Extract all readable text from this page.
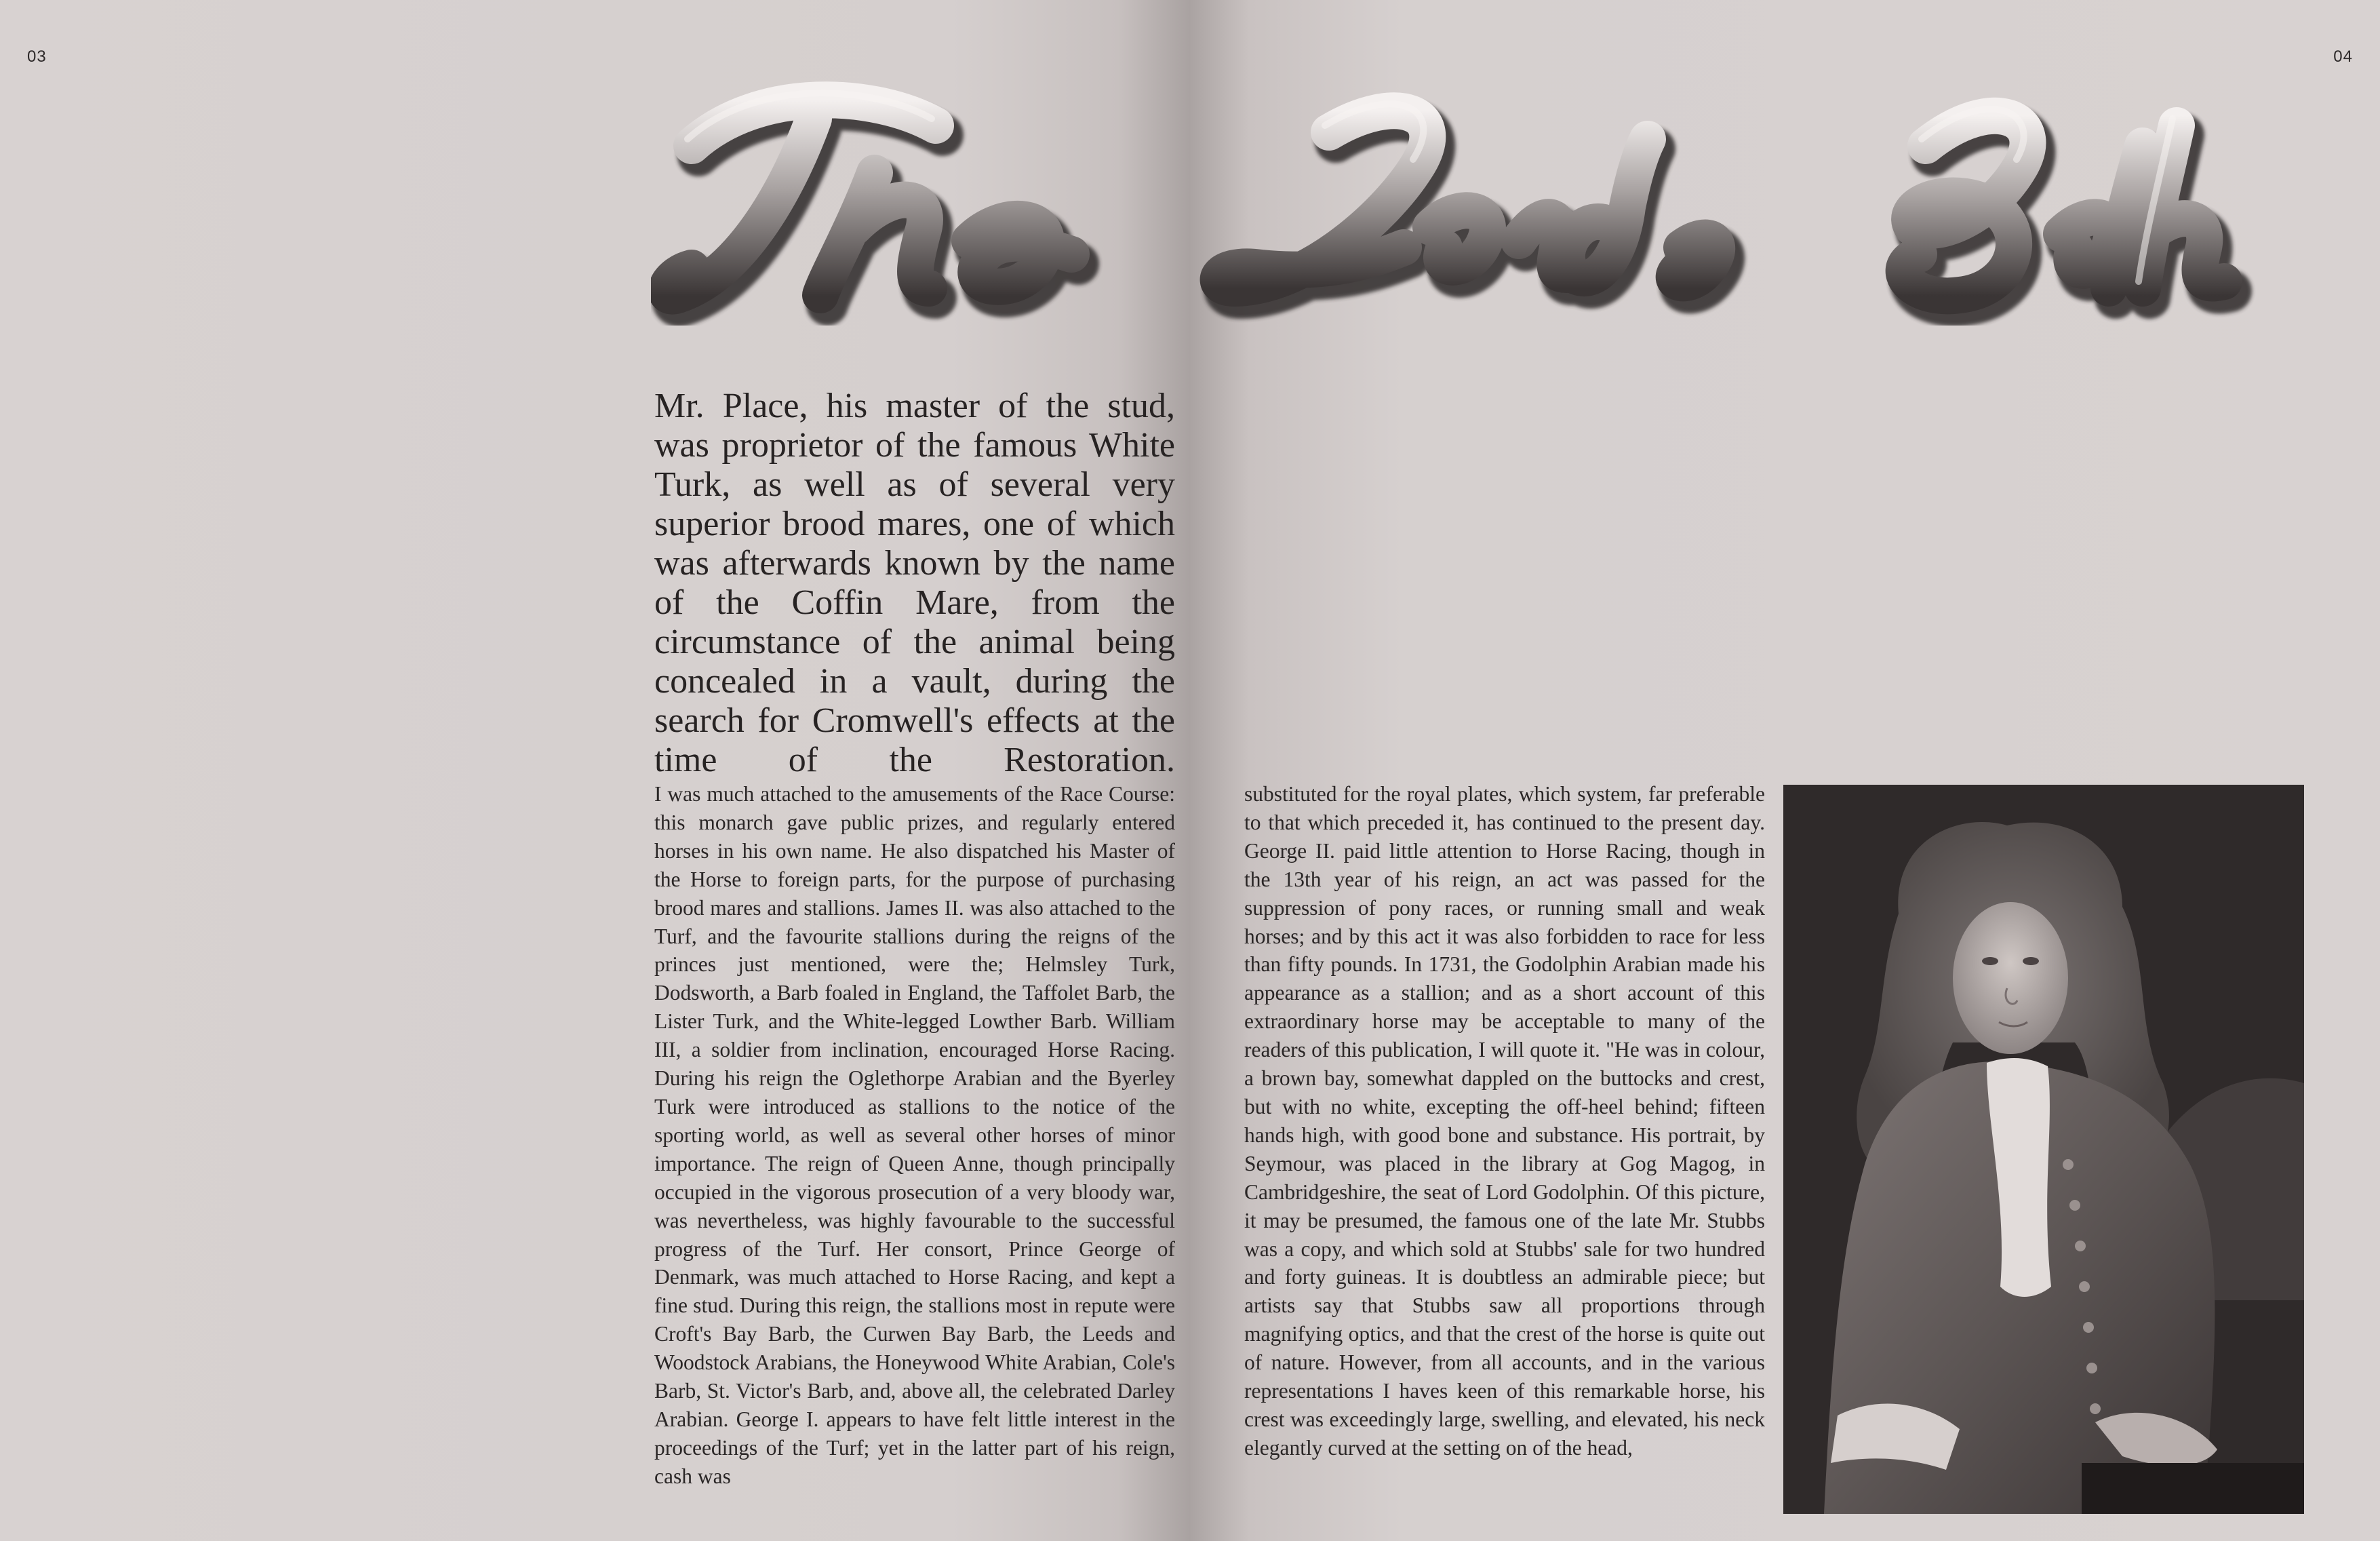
03	04

Mr. Place, his master of the stud, was proprietor of the famous White Turk, as well as of several very superior brood mares, one of which was afterwards known by the name of the Coffin Mare, from the circumstance of the animal being concealed in a vault, during the search for Cromwell's effects at the time of the Restoration.

I was much attached to the amusements of the Race Course: this monarch gave public prizes, and regularly entered horses in his own name. He also dispatched his Master of the Horse to foreign parts, for the purpose of purchasing brood mares and stallions. James II. was also attached to the Turf, and the favourite stallions during the reigns of the princes just mentioned, were the; Helmsley Turk, Dodsworth, a Barb foaled in England, the Taffolet Barb, the Lister Turk, and the White-legged Lowther Barb. William III, a soldier from inclination, encouraged Horse Racing. During his reign the Oglethorpe Arabian and the Byerley Turk were introduced as stallions to the notice of the sporting world, as well as several other horses of minor importance. The reign of Queen Anne, though principally occupied in the vigorous prosecution of a very bloody war, was nevertheless, was highly favourable to the successful progress of the Turf. Her consort, Prince George of Denmark, was much attached to Horse Racing, and kept a fine stud. During this reign, the stallions most in repute were Croft's Bay Barb, the Curwen Bay Barb, the Leeds and Woodstock Arabians, the Honeywood White Arabian, Cole's Barb, St. Victor's Barb, and, above all, the celebrated Darley Arabian. George I. appears to have felt little interest in the proceedings of the Turf; yet in the latter part of his reign, cash was

substituted for the royal plates, which system, far preferable to that which preceded it, has continued to the present day. George II. paid little attention to Horse Racing, though in the 13th year of his reign, an act was passed for the suppression of pony races, or running small and weak horses; and by this act it was also forbidden to race for less than fifty pounds. In 1731, the Godolphin Arabian made his appearance as a stallion; and as a short account of this extraordinary horse may be acceptable to many of the readers of this publication, I will quote it. "He was in colour, a brown bay, somewhat dappled on the buttocks and crest, but with no white, excepting the off-heel behind; fifteen hands high, with good bone and substance. His portrait, by Seymour, was placed in the library at Gog Magog, in Cambridgeshire, the seat of Lord Godolphin. Of this picture, it may be presumed, the famous one of the late Mr. Stubbs was a copy, and which sold at Stubbs' sale for two hundred and forty guineas. It is doubtless an admirable piece; but artists say that Stubbs saw all proportions through magnifying optics, and that the crest of the horse is quite out of nature. However, from all accounts, and in the various representations I haves keen of this remarkable horse, his crest was exceedingly large, swelling, and elevated, his neck elegantly curved at the setting on of the head,
